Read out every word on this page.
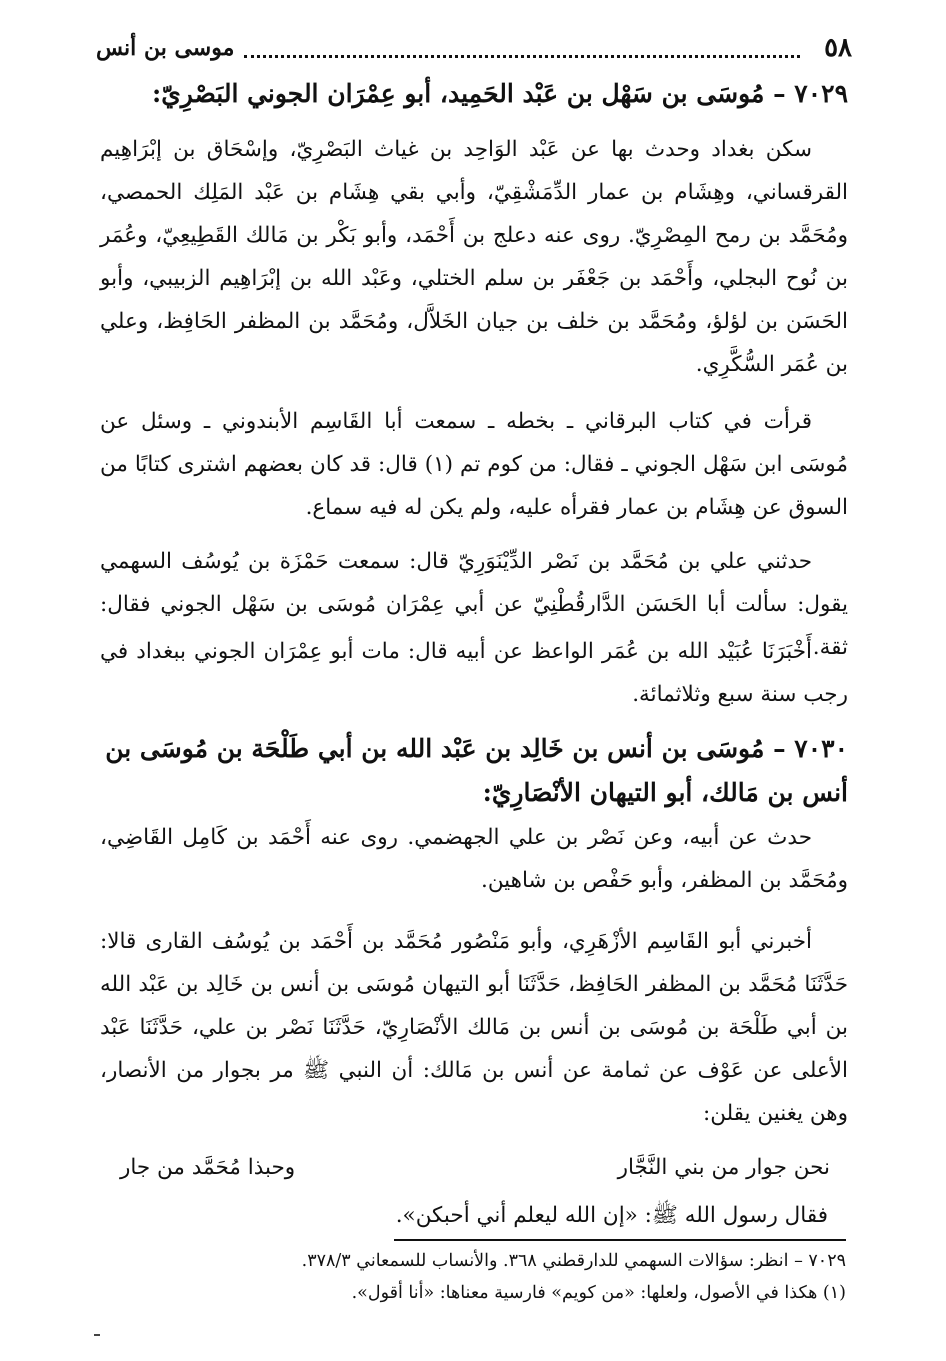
٥٨
موسى بن أنس
٧٠٢٩ – مُوسَى بن سَهْل بن عَبْد الحَمِيد، أبو عِمْرَان الجوني البَصْرِيّ:
سكن بغداد وحدث بها عن عَبْد الوَاحِد بن غياث البَصْرِيّ، وإسْحَاق بن إبْرَاهِيم القرقساني، وهِشَام بن عمار الدِّمَشْقِيّ، وأبي بقي هِشَام بن عَبْد المَلِك الحمصي، ومُحَمَّد بن رمح المِصْرِيّ. روى عنه دعلج بن أَحْمَد، وأبو بَكْر بن مَالك القَطِيعِيّ، وعُمَر بن نُوح البجلي، وأَحْمَد بن جَعْفَر بن سلم الختلي، وعَبْد الله بن إبْرَاهِيم الزبيبي، وأبو الحَسَن بن لؤلؤ، ومُحَمَّد بن خلف بن جيان الخَلاَّل، ومُحَمَّد بن المظفر الحَافِظ، وعلي بن عُمَر السُّكَّرِي.
قرأت في كتاب البرقاني ـ بخطه ـ سمعت أبا القَاسِم الأبندوني ـ وسئل عن مُوسَى ابن سَهْل الجوني ـ فقال: من كوم تم (١) قال: قد كان بعضهم اشترى كتابًا من السوق عن هِشَام بن عمار فقرأه عليه، ولم يكن له فيه سماع.
حدثني علي بن مُحَمَّد بن نَصْر الدِّيْنَوَرِيّ قال: سمعت حَمْزَة بن يُوسُف السهمي يقول: سألت أبا الحَسَن الدَّارقُطْنِيّ عن أبي عِمْرَان مُوسَى بن سَهْل الجوني فقال: ثقة.
أَخْبَرَنَا عُبَيْد الله بن عُمَر الواعظ عن أبيه قال: مات أبو عِمْرَان الجوني ببغداد في رجب سنة سبع وثلاثمائة.
٧٠٣٠ – مُوسَى بن أنس بن خَالِد بن عَبْد الله بن أبي طَلْحَة بن مُوسَى بن أنس بن مَالك، أبو التيهان الأنْصَارِيّ:
حدث عن أبيه، وعن نَصْر بن علي الجهضمي. روى عنه أَحْمَد بن كَامِل القَاضِي، ومُحَمَّد بن المظفر، وأبو حَفْص بن شاهين.
أخبرني أبو القَاسِم الأزْهَرِي، وأبو مَنْصُور مُحَمَّد بن أَحْمَد بن يُوسُف القارى قالا: حَدَّثَنَا مُحَمَّد بن المظفر الحَافِظ، حَدَّثَنَا أبو التيهان مُوسَى بن أنس بن خَالِد بن عَبْد الله بن أبي طَلْحَة بن مُوسَى بن أنس بن مَالك الأنْصَارِيّ، حَدَّثَنَا نَصْر بن علي، حَدَّثَنَا عَبْد الأعلى عن عَوْف عن ثمامة عن أنس بن مَالك: أن النبي ﷺ مر بجوار من الأنصار، وهن يغنين يقلن:
نحن جوار من بني النَّجَّار
وحبذا مُحَمَّد من جار
فقال رسول الله ﷺ: «إن الله ليعلم أني أحبكن».
٧٠٢٩ – انظر: سؤالات السهمي للدارقطني ٣٦٨. والأنساب للسمعاني ٣٧٨/٣.
(١) هكذا في الأصول، ولعلها: «من كويم» فارسية معناها: «أنا أقول».
